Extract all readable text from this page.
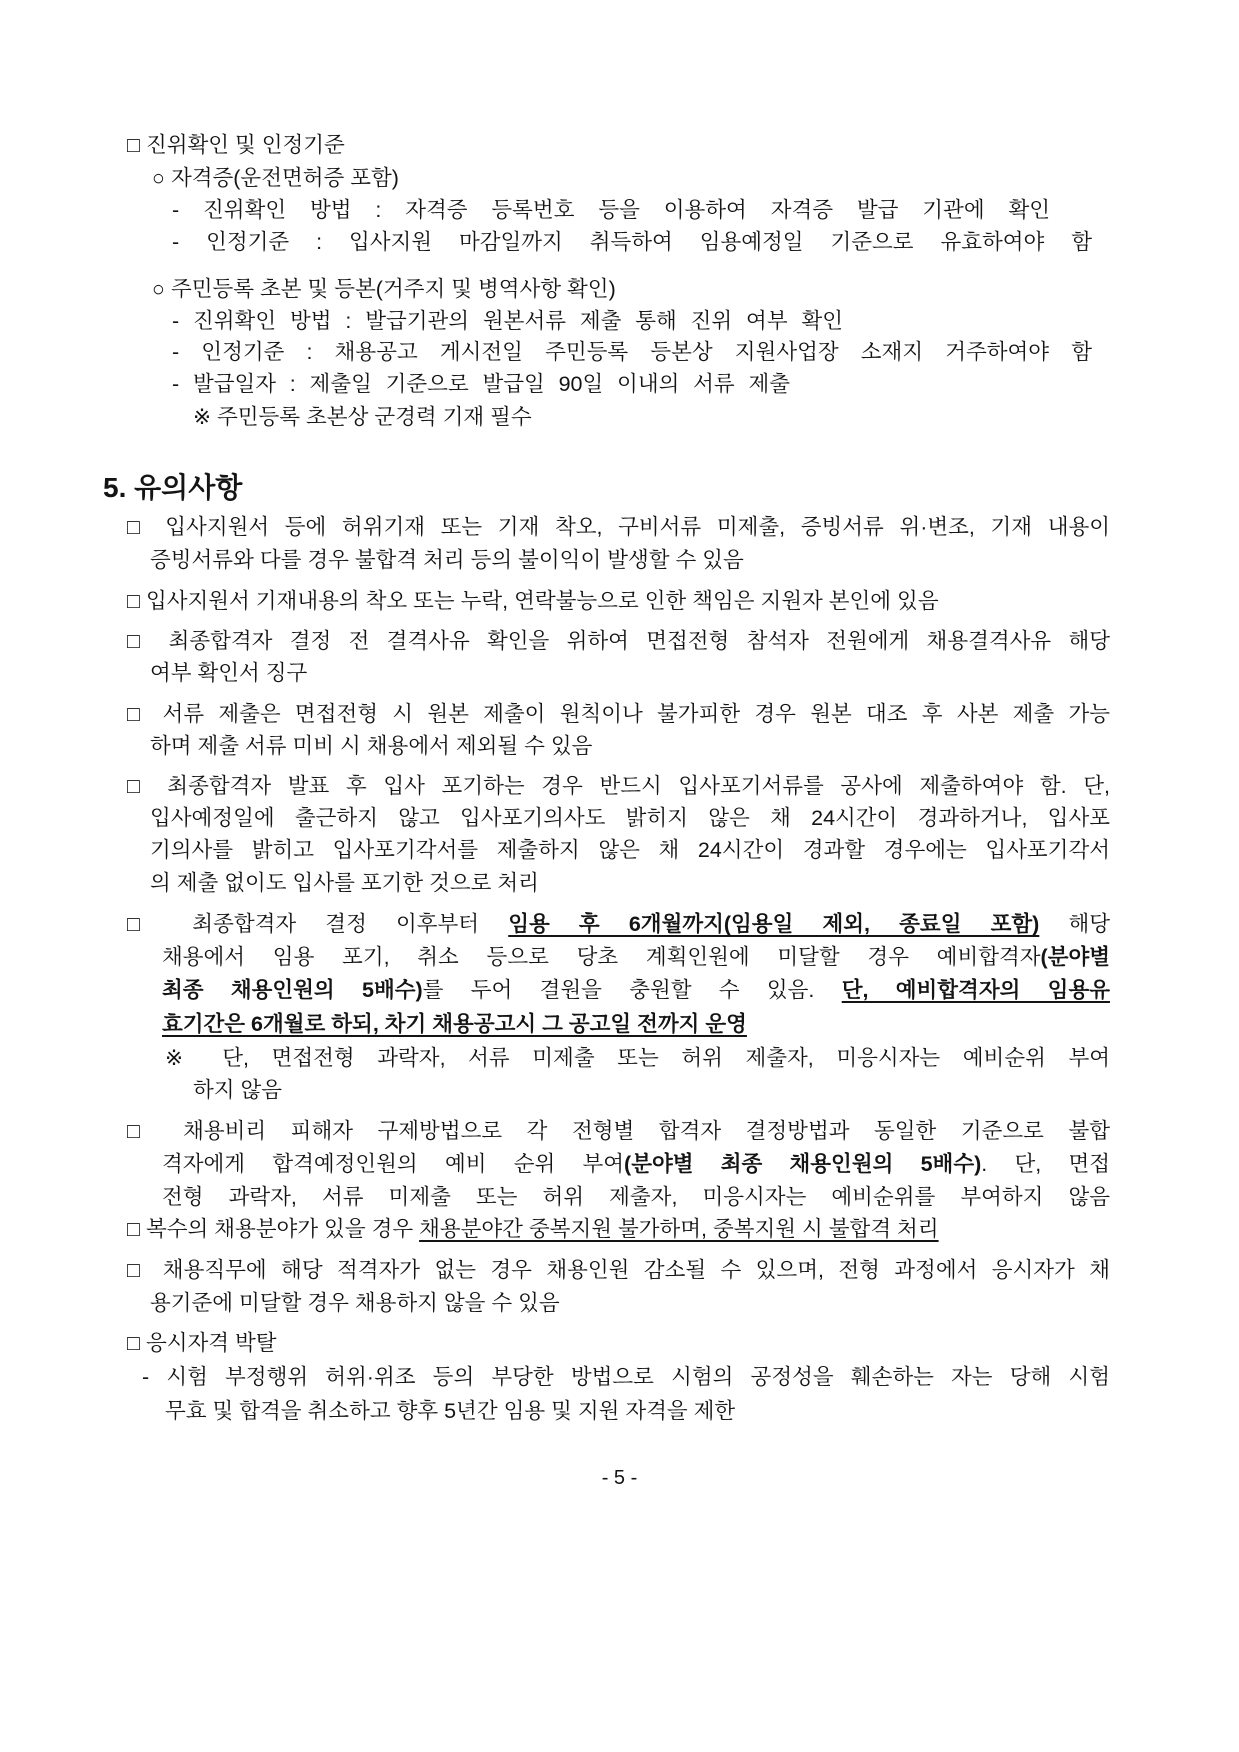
□ 진위확인 및 인정기준
○ 자격증(운전면허증 포함)
- 진위확인 방법 : 자격증 등록번호 등을 이용하여 자격증 발급 기관에 확인
- 인정기준 : 입사지원 마감일까지 취득하여 임용예정일 기준으로 유효하여야 함
○ 주민등록 초본 및 등본(거주지 및 병역사항 확인)
- 진위확인 방법 : 발급기관의 원본서류 제출 통해 진위 여부 확인
- 인정기준 : 채용공고 게시전일 주민등록 등본상 지원사업장 소재지 거주하여야 함
- 발급일자 : 제출일 기준으로 발급일 90일 이내의 서류 제출
※ 주민등록 초본상 군경력 기재 필수
5. 유의사항
□ 입사지원서 등에 허위기재 또는 기재 착오, 구비서류 미제출, 증빙서류 위·변조, 기재 내용이
증빙서류와 다를 경우 불합격 처리 등의 불이익이 발생할 수 있음
□ 입사지원서 기재내용의 착오 또는 누락, 연락불능으로 인한 책임은 지원자 본인에 있음
□ 최종합격자 결정 전 결격사유 확인을 위하여 면접전형 참석자 전원에게 채용결격사유 해당
여부 확인서 징구
□ 서류 제출은 면접전형 시 원본 제출이 원칙이나 불가피한 경우 원본 대조 후 사본 제출 가능
하며 제출 서류 미비 시 채용에서 제외될 수 있음
□ 최종합격자 발표 후 입사 포기하는 경우 반드시 입사포기서류를 공사에 제출하여야 함. 단,
입사예정일에 출근하지 않고 입사포기의사도 밝히지 않은 채 24시간이 경과하거나, 입사포
기의사를 밝히고 입사포기각서를 제출하지 않은 채 24시간이 경과할 경우에는 입사포기각서
의 제출 없이도 입사를 포기한 것으로 처리
□ 최종합격자 결정 이후부터 임용 후 6개월까지(임용일 제외, 종료일 포함) 해당
채용에서 임용 포기, 취소 등으로 당초 계획인원에 미달할 경우 예비합격자(분야별
최종 채용인원의 5배수)를 두어 결원을 충원할 수 있음. 단, 예비합격자의 임용유
효기간은 6개월로 하되, 차기 채용공고시 그 공고일 전까지 운영
※ 단, 면접전형 과락자, 서류 미제출 또는 허위 제출자, 미응시자는 예비순위 부여
하지 않음
□ 채용비리 피해자 구제방법으로 각 전형별 합격자 결정방법과 동일한 기준으로 불합
격자에게 합격예정인원의 예비 순위 부여(분야별 최종 채용인원의 5배수). 단, 면접
전형 과락자, 서류 미제출 또는 허위 제출자, 미응시자는 예비순위를 부여하지 않음
□ 복수의 채용분야가 있을 경우 채용분야간 중복지원 불가하며, 중복지원 시 불합격 처리
□ 채용직무에 해당 적격자가 없는 경우 채용인원 감소될 수 있으며, 전형 과정에서 응시자가 채
용기준에 미달할 경우 채용하지 않을 수 있음
□ 응시자격 박탈
- 시험 부정행위 허위·위조 등의 부당한 방법으로 시험의 공정성을 훼손하는 자는 당해 시험
무효 및 합격을 취소하고 향후 5년간 임용 및 지원 자격을 제한
- 5 -
